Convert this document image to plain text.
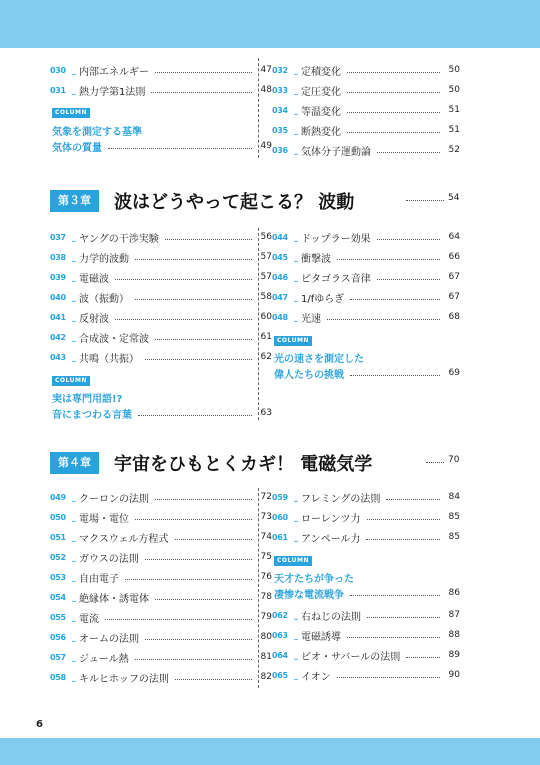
030 _ 内部エネルギー	47
031 _ 熱力学第1法則	48
COLUMN
気象を測定する基準
気体の質量	49
032 _ 定積変化	50
033 _ 定圧変化	50
034 _ 等温変化	51
035 _ 断熱変化	51
036 _ 気体分子運動論	52
第３章	波はどうやって起こる？ 波動	54
037 _ ヤングの干渉実験	56
038 _ 力学的波動	57
039 _ 電磁波	57
040 _ 波（振動）	58
041 _ 反射波	60
042 _ 合成波・定常波	61
043 _ 共鳴（共振）	62
COLUMN
実は専門用語!?
音にまつわる言葉	63
044 _ ドップラー効果	64
045 _ 衝撃波	66
046 _ ピタゴラス音律	67
047 _ 1/fゆらぎ	67
048 _ 光速	68
COLUMN
光の速さを測定した
偉人たちの挑戦	69
第４章	宇宙をひもとくカギ！ 電磁気学	70
049 _ クーロンの法則	72
050 _ 電場・電位	73
051 _ マクスウェル方程式	74
052 _ ガウスの法則	75
053 _ 自由電子	76
054 _ 絶縁体・誘電体	78
055 _ 電流	79
056 _ オームの法則	80
057 _ ジュール熱	81
058 _ キルヒホッフの法則	82
059 _ フレミングの法則	84
060 _ ローレンツ力	85
061 _ アンペール力	85
COLUMN
天才たちが争った
凄惨な電流戦争	86
062 _ 右ねじの法則	87
063 _ 電磁誘導	88
064 _ ビオ・サバールの法則	89
065 _ イオン	90
6
